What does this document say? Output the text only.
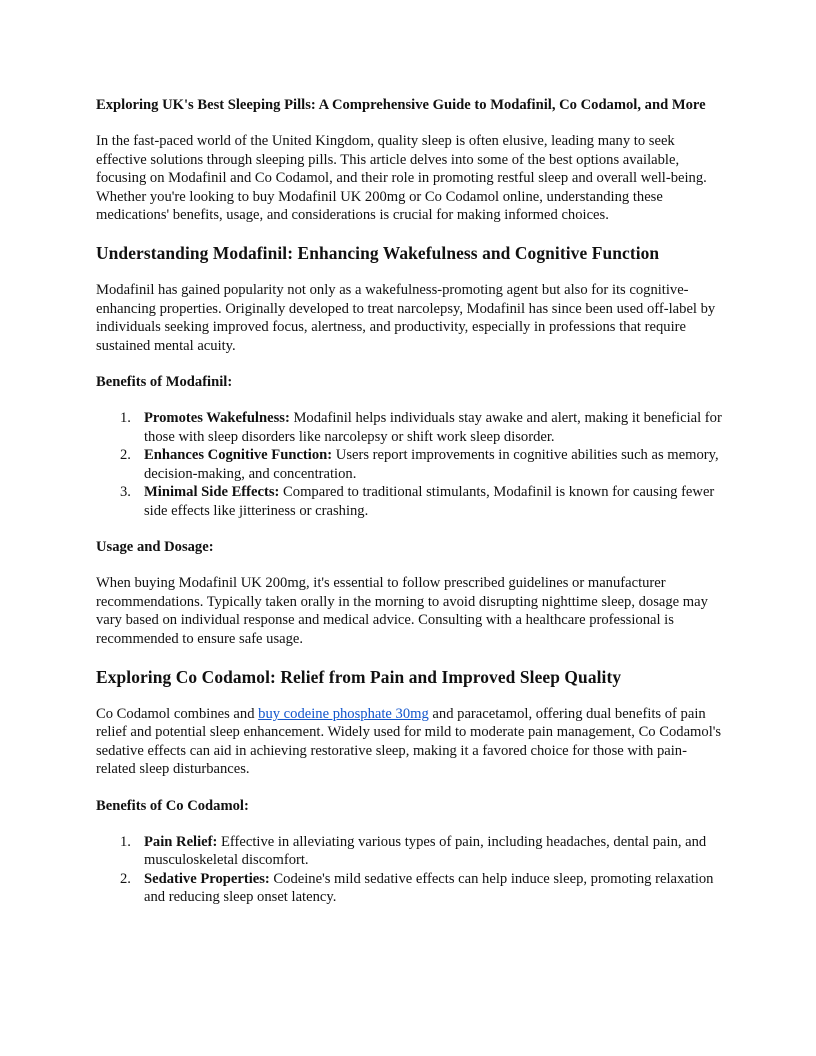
Exploring UK's Best Sleeping Pills: A Comprehensive Guide to Modafinil, Co Codamol, and More

In the fast-paced world of the United Kingdom, quality sleep is often elusive, leading many to seek effective solutions through sleeping pills. This article delves into some of the best options available, focusing on Modafinil and Co Codamol, and their role in promoting restful sleep and overall well-being. Whether you're looking to buy Modafinil UK 200mg or Co Codamol online, understanding these medications' benefits, usage, and considerations is crucial for making informed choices.

Understanding Modafinil: Enhancing Wakefulness and Cognitive Function

Modafinil has gained popularity not only as a wakefulness-promoting agent but also for its cognitive-enhancing properties. Originally developed to treat narcolepsy, Modafinil has since been used off-label by individuals seeking improved focus, alertness, and productivity, especially in professions that require sustained mental acuity.

Benefits of Modafinil:

1. Promotes Wakefulness: Modafinil helps individuals stay awake and alert, making it beneficial for those with sleep disorders like narcolepsy or shift work sleep disorder.
2. Enhances Cognitive Function: Users report improvements in cognitive abilities such as memory, decision-making, and concentration.
3. Minimal Side Effects: Compared to traditional stimulants, Modafinil is known for causing fewer side effects like jitteriness or crashing.

Usage and Dosage:

When buying Modafinil UK 200mg, it's essential to follow prescribed guidelines or manufacturer recommendations. Typically taken orally in the morning to avoid disrupting nighttime sleep, dosage may vary based on individual response and medical advice. Consulting with a healthcare professional is recommended to ensure safe usage.

Exploring Co Codamol: Relief from Pain and Improved Sleep Quality

Co Codamol combines and buy codeine phosphate 30mg and paracetamol, offering dual benefits of pain relief and potential sleep enhancement. Widely used for mild to moderate pain management, Co Codamol's sedative effects can aid in achieving restorative sleep, making it a favored choice for those with pain-related sleep disturbances.

Benefits of Co Codamol:

1. Pain Relief: Effective in alleviating various types of pain, including headaches, dental pain, and musculoskeletal discomfort.
2. Sedative Properties: Codeine's mild sedative effects can help induce sleep, promoting relaxation and reducing sleep onset latency.
